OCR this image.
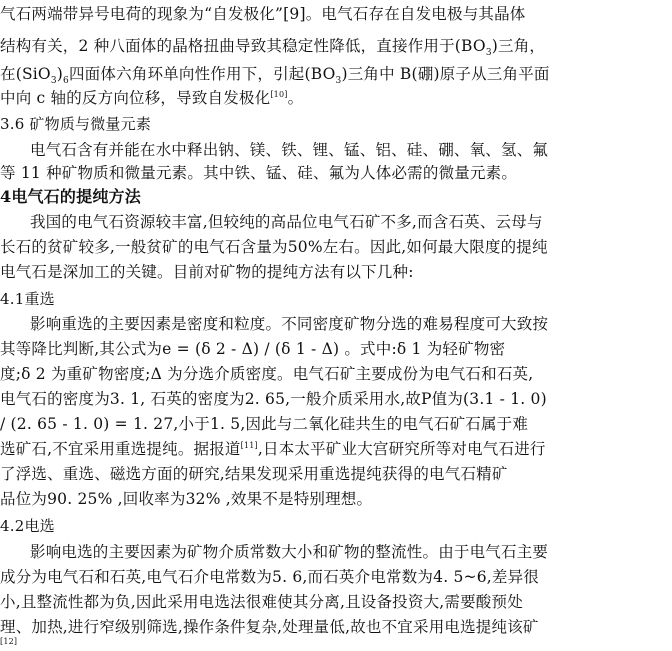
气石两端带异号电荷的现象为“自发极化”[9]。电气石存在自发电极与其晶体
结构有关，2 种八面体的晶格扭曲导致其稳定性降低，直接作用于$(BO_3)$三角，
在$(SiO_3)_6$四面体六角环单向性作用下，引起$(BO_3)$三角中 B(硼)原子从三角平面
中向 c 轴的反方向位移，导致自发极化[10]。
3.6 矿物质与微量元素
电气石含有并能在水中释出钠、镁、铁、锂、锰、铝、硅、硼、氧、氢、氟
等 11 种矿物质和微量元素。其中铁、锰、硅、氟为人体必需的微量元素。
4电气石的提纯方法
我国的电气石资源较丰富,但较纯的高品位电气石矿不多,而含石英、云母与
长石的贫矿较多,一般贫矿的电气石含量为50%左右。因此,如何最大限度的提纯
电气石是深加工的关键。目前对矿物的提纯方法有以下几种:
4.1重选
影响重选的主要因素是密度和粒度。不同密度矿物分选的难易程度可大致按
其等降比判断,其公式为e = (δ 2 - Δ) / (δ 1 - Δ) 。式中:δ 1 为轻矿物密
度;δ 2 为重矿物密度;Δ 为分选介质密度。电气石矿主要成份为电气石和石英,
电气石的密度为3. 1, 石英的密度为2. 65,一般介质采用水,故P值为(3.1 - 1. 0)
/ (2. 65 - 1. 0) = 1. 27,小于1. 5,因此与二氧化硅共生的电气石矿石属于难
选矿石,不宜采用重选提纯。据报道[11],日本太平矿业大宫研究所等对电气石进行
了浮选、重选、磁选方面的研究,结果发现采用重选提纯获得的电气石精矿
品位为90. 25% ,回收率为32% ,效果不是特别理想。
4.2电选
影响电选的主要因素为矿物介质常数大小和矿物的整流性。由于电气石主要
成分为电气石和石英,电气石介电常数为5. 6,而石英介电常数为4. 5~6,差异很
小,且整流性都为负,因此采用电选法很难使其分离,且设备投资大,需要酸预处
理、加热,进行窄级别筛选,操作条件复杂,处理量低,故也不宜采用电选提纯该矿
[12]
